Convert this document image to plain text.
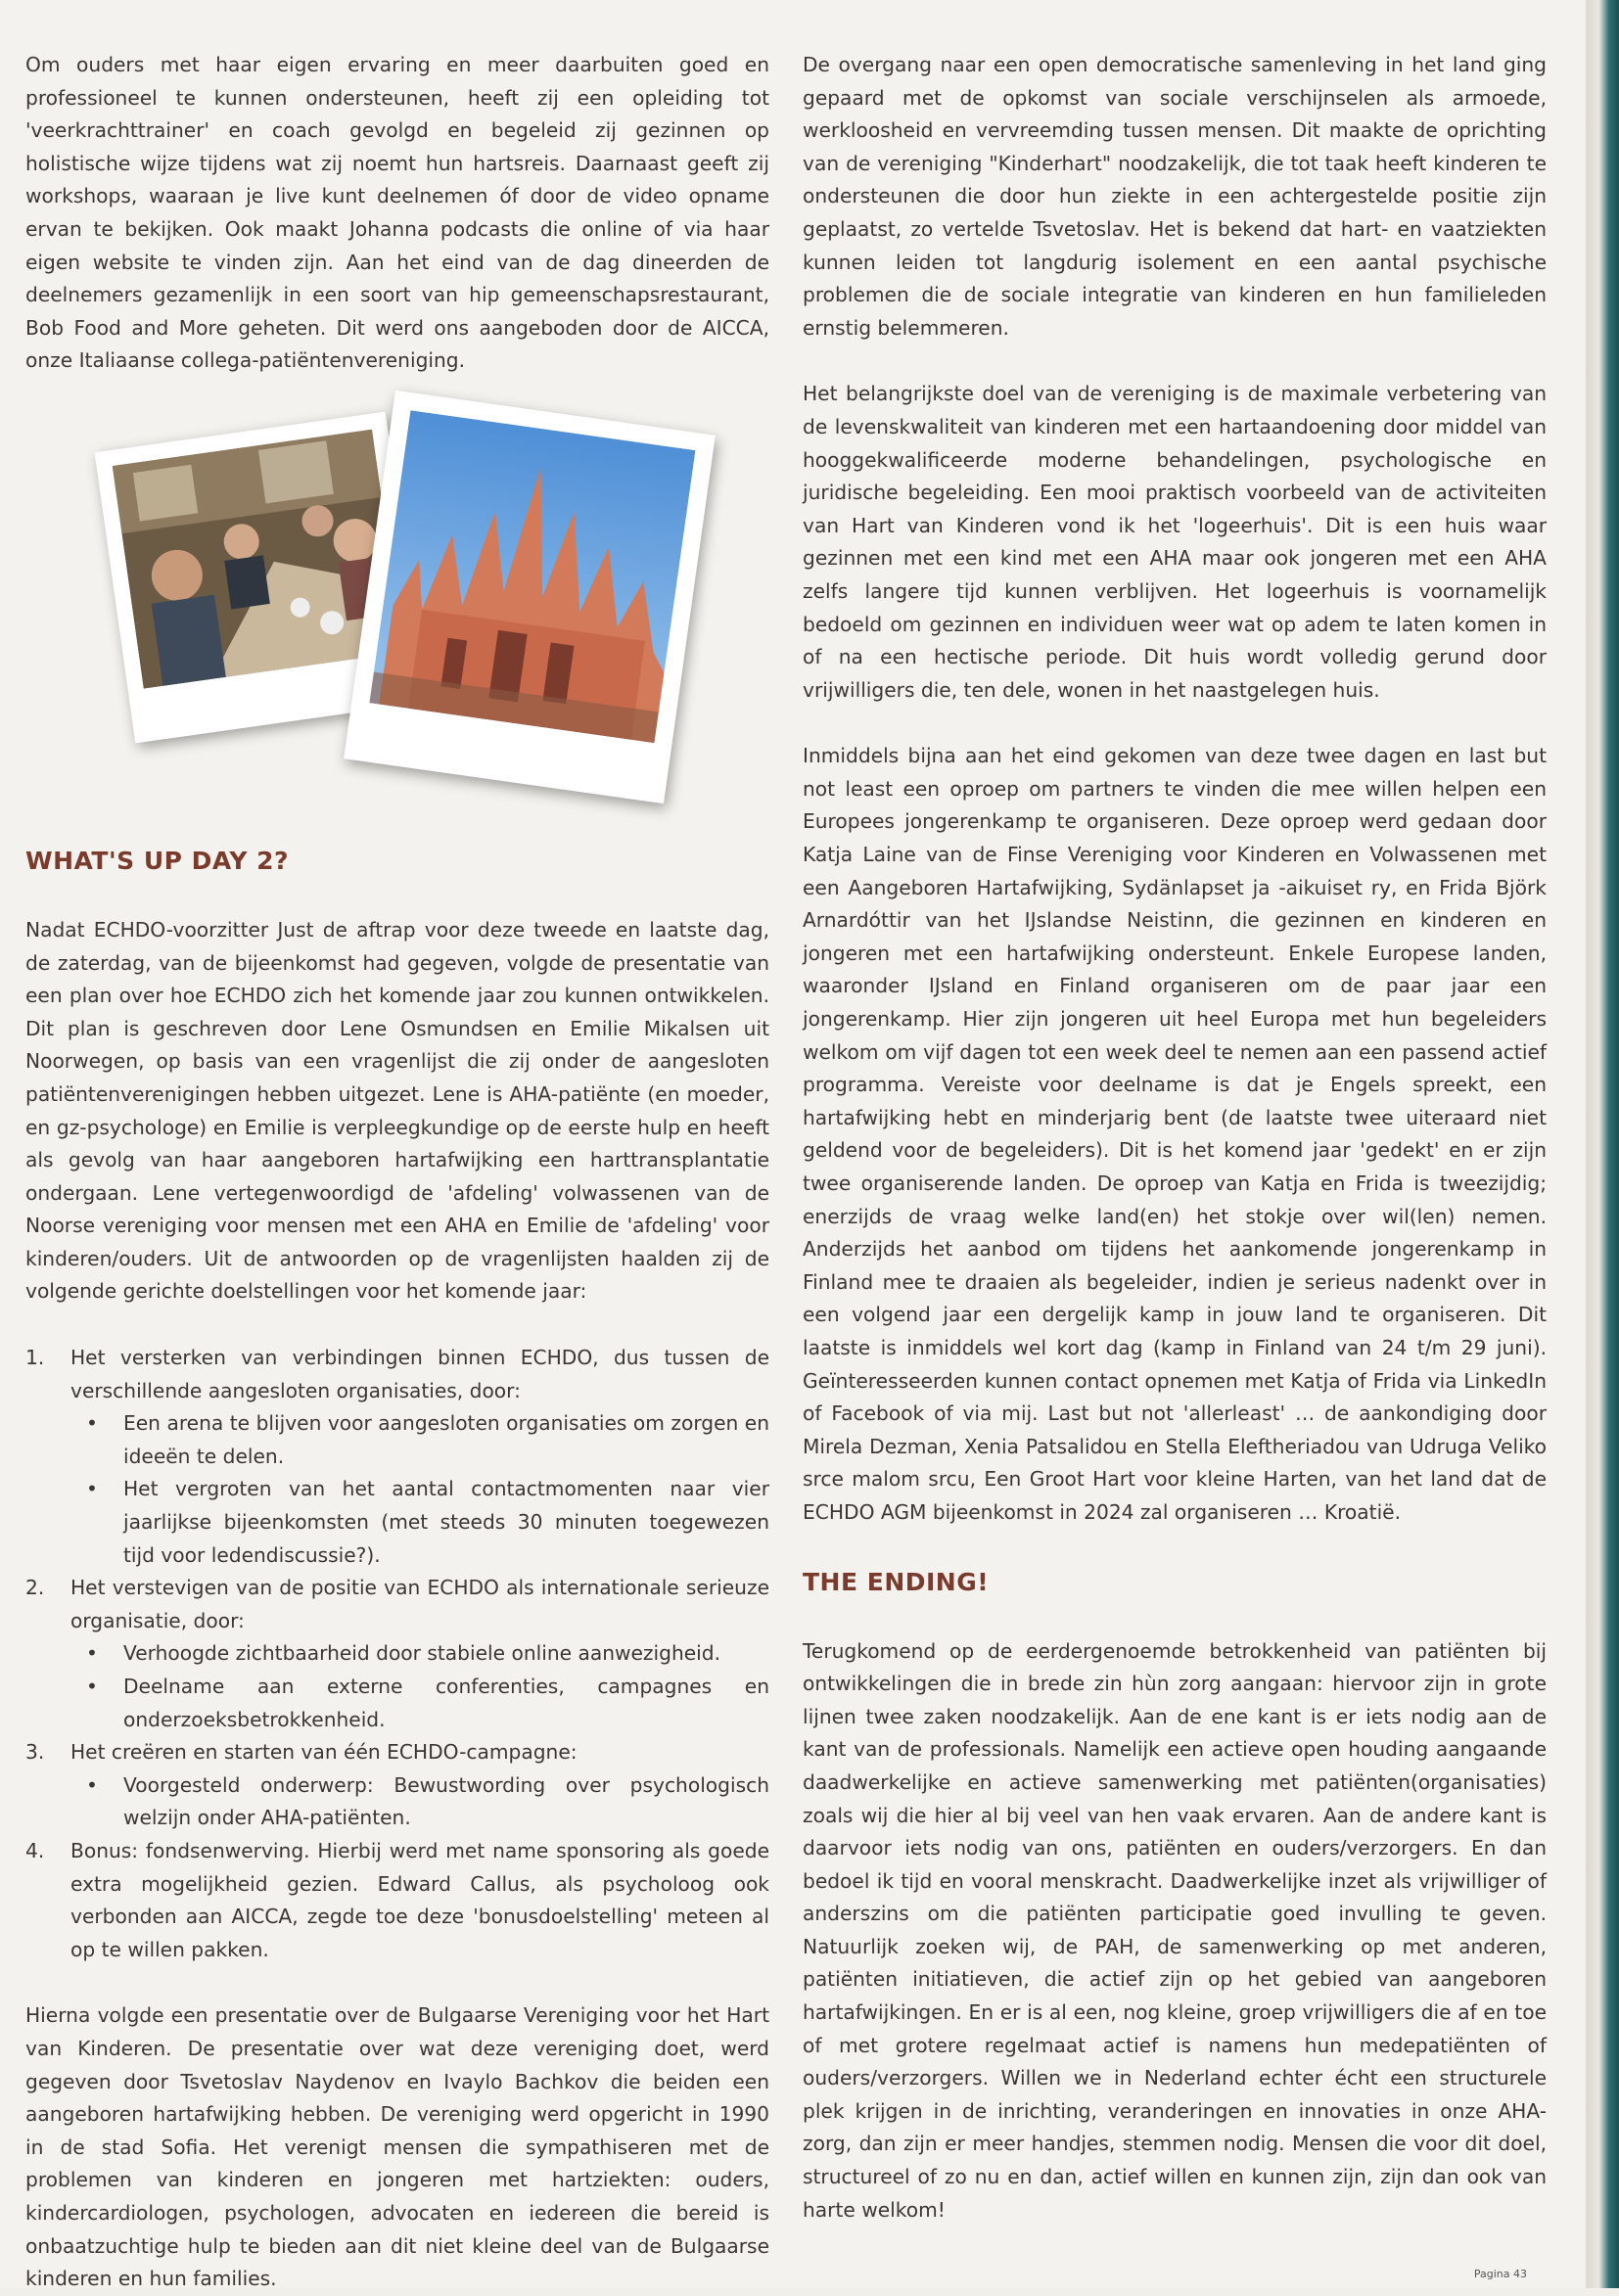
Om ouders met haar eigen ervaring en meer daarbuiten goed en professioneel te kunnen ondersteunen, heeft zij een opleiding tot 'veerkrachttrainer' en coach gevolgd en begeleid zij gezinnen op holistische wijze tijdens wat zij noemt hun hartsreis. Daarnaast geeft zij workshops, waaraan je live kunt deelnemen óf door de video opname ervan te bekijken. Ook maakt Johanna podcasts die online of via haar eigen website te vinden zijn. Aan het eind van de dag dineerden de deelnemers gezamenlijk in een soort van hip gemeenschapsrestaurant, Bob Food and More geheten. Dit werd ons aangeboden door de AICCA, onze Italiaanse collega-patiëntenvereniging.

WHAT'S UP DAY 2?

Nadat ECHDO-voorzitter Just de aftrap voor deze tweede en laatste dag, de zaterdag, van de bijeenkomst had gegeven, volgde de presentatie van een plan over hoe ECHDO zich het komende jaar zou kunnen ontwikkelen. Dit plan is geschreven door Lene Osmundsen en Emilie Mikalsen uit Noorwegen, op basis van een vragenlijst die zij onder de aangesloten patiëntenverenigingen hebben uitgezet. Lene is AHA-patiënte (en moeder, en gz-psychologe) en Emilie is verpleegkundige op de eerste hulp en heeft als gevolg van haar aangeboren hartafwijking een harttransplantatie ondergaan. Lene vertegenwoordigd de 'afdeling' volwassenen van de Noorse vereniging voor mensen met een AHA en Emilie de 'afdeling' voor kinderen/ouders. Uit de antwoorden op de vragenlijsten haalden zij de volgende gerichte doelstellingen voor het komende jaar:

1. Het versterken van verbindingen binnen ECHDO, dus tussen de verschillende aangesloten organisaties, door:
• Een arena te blijven voor aangesloten organisaties om zorgen en ideeën te delen.
• Het vergroten van het aantal contactmomenten naar vier jaarlijkse bijeenkomsten (met steeds 30 minuten toegewezen tijd voor ledendiscussie?).
2. Het verstevigen van de positie van ECHDO als internationale serieuze organisatie, door:
• Verhoogde zichtbaarheid door stabiele online aanwezigheid.
• Deelname aan externe conferenties, campagnes en onderzoeksbetrokkenheid.
3. Het creëren en starten van één ECHDO-campagne:
• Voorgesteld onderwerp: Bewustwording over psychologisch welzijn onder AHA-patiënten.
4. Bonus: fondsenwerving. Hierbij werd met name sponsoring als goede extra mogelijkheid gezien. Edward Callus, als psycholoog ook verbonden aan AICCA, zegde toe deze 'bonusdoelstelling' meteen al op te willen pakken.

Hierna volgde een presentatie over de Bulgaarse Vereniging voor het Hart van Kinderen. De presentatie over wat deze vereniging doet, werd gegeven door Tsvetoslav Naydenov en Ivaylo Bachkov die beiden een aangeboren hartafwijking hebben. De vereniging werd opgericht in 1990 in de stad Sofia. Het verenigt mensen die sympathiseren met de problemen van kinderen en jongeren met hartziekten: ouders, kindercardiologen, psychologen, advocaten en iedereen die bereid is onbaatzuchtige hulp te bieden aan dit niet kleine deel van de Bulgaarse kinderen en hun families.

De overgang naar een open democratische samenleving in het land ging gepaard met de opkomst van sociale verschijnselen als armoede, werkloosheid en vervreemding tussen mensen. Dit maakte de oprichting van de vereniging "Kinderhart" noodzakelijk, die tot taak heeft kinderen te ondersteunen die door hun ziekte in een achtergestelde positie zijn geplaatst, zo vertelde Tsvetoslav. Het is bekend dat hart- en vaatziekten kunnen leiden tot langdurig isolement en een aantal psychische problemen die de sociale integratie van kinderen en hun familieleden ernstig belemmeren.

Het belangrijkste doel van de vereniging is de maximale verbetering van de levenskwaliteit van kinderen met een hartaandoening door middel van hooggekwalificeerde moderne behandelingen, psychologische en juridische begeleiding. Een mooi praktisch voorbeeld van de activiteiten van Hart van Kinderen vond ik het 'logeerhuis'. Dit is een huis waar gezinnen met een kind met een AHA maar ook jongeren met een AHA zelfs langere tijd kunnen verblijven. Het logeerhuis is voornamelijk bedoeld om gezinnen en individuen weer wat op adem te laten komen in of na een hectische periode. Dit huis wordt volledig gerund door vrijwilligers die, ten dele, wonen in het naastgelegen huis.

Inmiddels bijna aan het eind gekomen van deze twee dagen en last but not least een oproep om partners te vinden die mee willen helpen een Europees jongerenkamp te organiseren. Deze oproep werd gedaan door Katja Laine van de Finse Vereniging voor Kinderen en Volwassenen met een Aangeboren Hartafwijking, Sydänlapset ja -aikuiset ry, en Frida Björk Arnardóttir van het IJslandse Neistinn, die gezinnen en kinderen en jongeren met een hartafwijking ondersteunt. Enkele Europese landen, waaronder IJsland en Finland organiseren om de paar jaar een jongerenkamp. Hier zijn jongeren uit heel Europa met hun begeleiders welkom om vijf dagen tot een week deel te nemen aan een passend actief programma. Vereiste voor deelname is dat je Engels spreekt, een hartafwijking hebt en minderjarig bent (de laatste twee uiteraard niet geldend voor de begeleiders). Dit is het komend jaar 'gedekt' en er zijn twee organiserende landen. De oproep van Katja en Frida is tweezijdig; enerzijds de vraag welke land(en) het stokje over wil(len) nemen. Anderzijds het aanbod om tijdens het aankomende jongerenkamp in Finland mee te draaien als begeleider, indien je serieus nadenkt over in een volgend jaar een dergelijk kamp in jouw land te organiseren. Dit laatste is inmiddels wel kort dag (kamp in Finland van 24 t/m 29 juni). Geïnteresseerden kunnen contact opnemen met Katja of Frida via LinkedIn of Facebook of via mij. Last but not 'allerleast' … de aankondiging door Mirela Dezman, Xenia Patsalidou en Stella Eleftheriadou van Udruga Veliko srce malom srcu, Een Groot Hart voor kleine Harten, van het land dat de ECHDO AGM bijeenkomst in 2024 zal organiseren … Kroatië.

THE ENDING!

Terugkomend op de eerdergenoemde betrokkenheid van patiënten bij ontwikkelingen die in brede zin hùn zorg aangaan: hiervoor zijn in grote lijnen twee zaken noodzakelijk. Aan de ene kant is er iets nodig aan de kant van de professionals. Namelijk een actieve open houding aangaande daadwerkelijke en actieve samenwerking met patiënten(organisaties) zoals wij die hier al bij veel van hen vaak ervaren. Aan de andere kant is daarvoor iets nodig van ons, patiënten en ouders/verzorgers. En dan bedoel ik tijd en vooral menskracht. Daadwerkelijke inzet als vrijwilliger of anderszins om die patiënten participatie goed invulling te geven. Natuurlijk zoeken wij, de PAH, de samenwerking op met anderen, patiënten initiatieven, die actief zijn op het gebied van aangeboren hartafwijkingen. En er is al een, nog kleine, groep vrijwilligers die af en toe of met grotere regelmaat actief is namens hun medepatiënten of ouders/verzorgers. Willen we in Nederland echter écht een structurele plek krijgen in de inrichting, veranderingen en innovaties in onze AHA-zorg, dan zijn er meer handjes, stemmen nodig. Mensen die voor dit doel, structureel of zo nu en dan, actief willen en kunnen zijn, zijn dan ook van harte welkom!

Pagina 43
